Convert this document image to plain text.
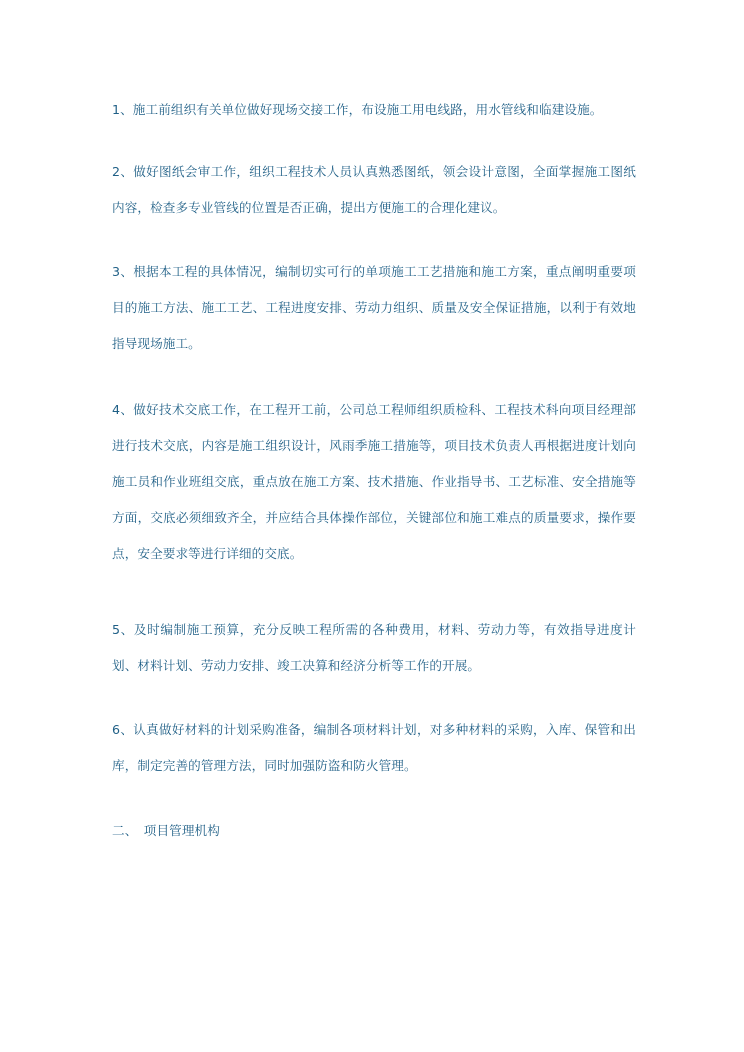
1、施工前组织有关单位做好现场交接工作，布设施工用电线路，用水管线和临建设施。

2、做好图纸会审工作，组织工程技术人员认真熟悉图纸，领会设计意图，全面掌握施工图纸内容，检查多专业管线的位置是否正确，提出方便施工的合理化建议。

3、根据本工程的具体情况，编制切实可行的单项施工工艺措施和施工方案，重点阐明重要项目的施工方法、施工工艺、工程进度安排、劳动力组织、质量及安全保证措施，以利于有效地指导现场施工。

4、做好技术交底工作，在工程开工前，公司总工程师组织质检科、工程技术科向项目经理部进行技术交底，内容是施工组织设计，风雨季施工措施等，项目技术负责人再根据进度计划向施工员和作业班组交底，重点放在施工方案、技术措施、作业指导书、工艺标准、安全措施等方面，交底必须细致齐全，并应结合具体操作部位，关键部位和施工难点的质量要求，操作要点，安全要求等进行详细的交底。

5、及时编制施工预算，充分反映工程所需的各种费用，材料、劳动力等，有效指导进度计划、材料计划、劳动力安排、竣工决算和经济分析等工作的开展。

6、认真做好材料的计划采购准备，编制各项材料计划，对多种材料的采购，入库、保管和出库，制定完善的管理方法，同时加强防盗和防火管理。

二、　项目管理机构
